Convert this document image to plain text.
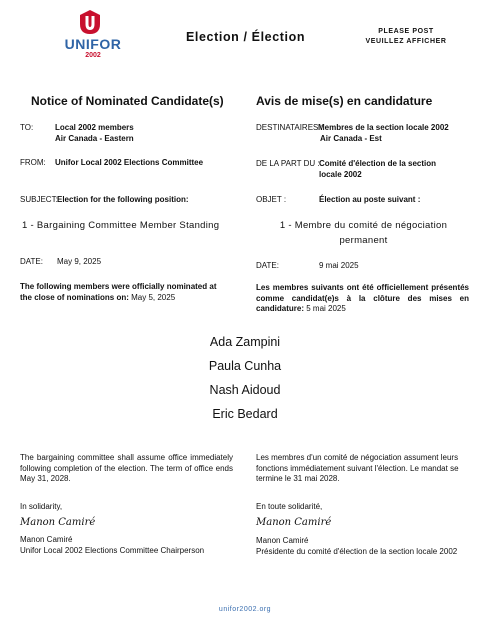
UNIFOR
2002
Election / Élection	PLEASE POST
VEUILLEZ AFFICHER
Notice of Nominated Candidate(s)	Avis de mise(s) en candidature
TO:	Local 2002 members
Air Canada - Eastern
FROM: Unifor Local 2002 Elections Committee
SUBJECT: Election for the following position:
1 - Bargaining Committee Member Standing
DATE: May 9, 2025
The following members were officially nominated at the close of nominations on: May 5, 2025
DESTINATAIRES :
Membres de la section locale 2002
Air Canada - Est
DE LA PART DU : Comité d'élection de la section
locale 2002
OBJET :	Élection au poste suivant :
1 - Membre du comité de négociation
permanent
DATE:	9 mai 2025
Les membres suivants ont été officiellement présentés comme candidat(e)s à la clôture des mises en candidature: 5 mai 2025
Ada Zampini
Paula Cunha
Nash Aidoud
Eric Bedard
The bargaining committee shall assume office immediately following completion of the election. The term of office ends May 31, 2028.
In solidarity,
Manon Camiré
Manon Camiré
Unifor Local 2002 Elections Committee Chairperson
Les membres d'un comité de négociation assument leurs fonctions immédiatement suivant l'élection. Le mandat se termine le 31 mai 2028.
En toute solidarité,
Manon Camiré
Manon Camiré
Présidente du comité d'élection de la section locale 2002
unifor2002.org
